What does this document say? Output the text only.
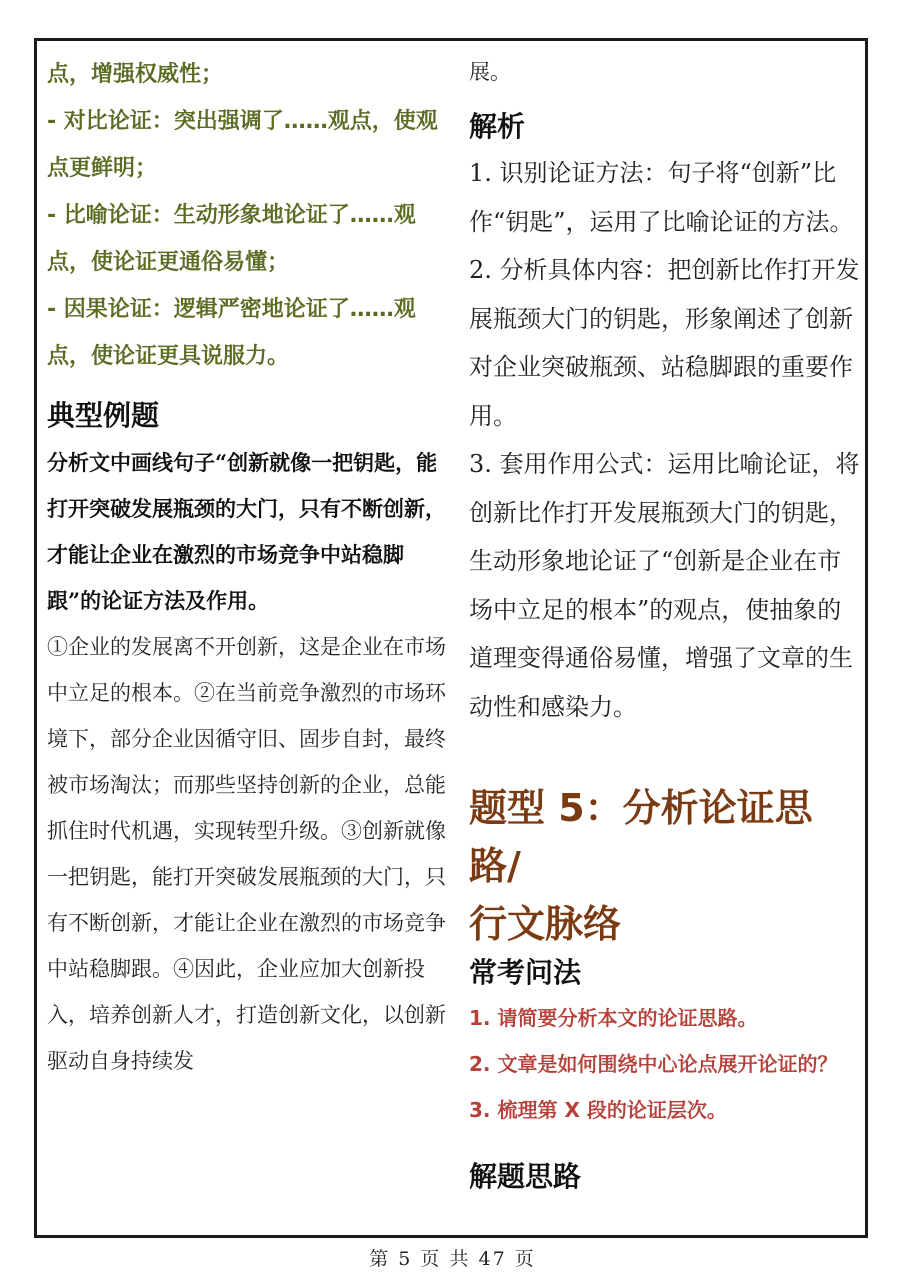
点，增强权威性；

- 对比论证：突出强调了……观点，使观点更鲜明；

- 比喻论证：生动形象地论证了……观点，使论证更通俗易懂；

- 因果论证：逻辑严密地论证了……观点，使论证更具说服力。

典型例题

分析文中画线句子“创新就像一把钥匙，能打开突破发展瓶颈的大门，只有不断创新，才能让企业在激烈的市场竞争中站稳脚跟”的论证方法及作用。

①企业的发展离不开创新，这是企业在市场中立足的根本。②在当前竞争激烈的市场环境下，部分企业因循守旧、固步自封，最终被市场淘汰；而那些坚持创新的企业，总能抓住时代机遇，实现转型升级。③创新就像一把钥匙，能打开突破发展瓶颈的大门，只有不断创新，才能让企业在激烈的市场竞争中站稳脚跟。④因此，企业应加大创新投入，培养创新人才，打造创新文化，以创新驱动自身持续发

展。

解析

1. 识别论证方法：句子将“创新”比作“钥匙”，运用了比喻论证的方法。

2. 分析具体内容：把创新比作打开发展瓶颈大门的钥匙，形象阐述了创新对企业突破瓶颈、站稳脚跟的重要作用。

3. 套用作用公式：运用比喻论证，将创新比作打开发展瓶颈大门的钥匙，生动形象地论证了“创新是企业在市场中立足的根本”的观点，使抽象的道理变得通俗易懂，增强了文章的生动性和感染力。

题型 5：分析论证思路/

行文脉络

常考问法

1. 请简要分析本文的论证思路。

2. 文章是如何围绕中心论点展开论证的？

3. 梳理第 X 段的论证层次。

解题思路
第 5 页 共 47 页
